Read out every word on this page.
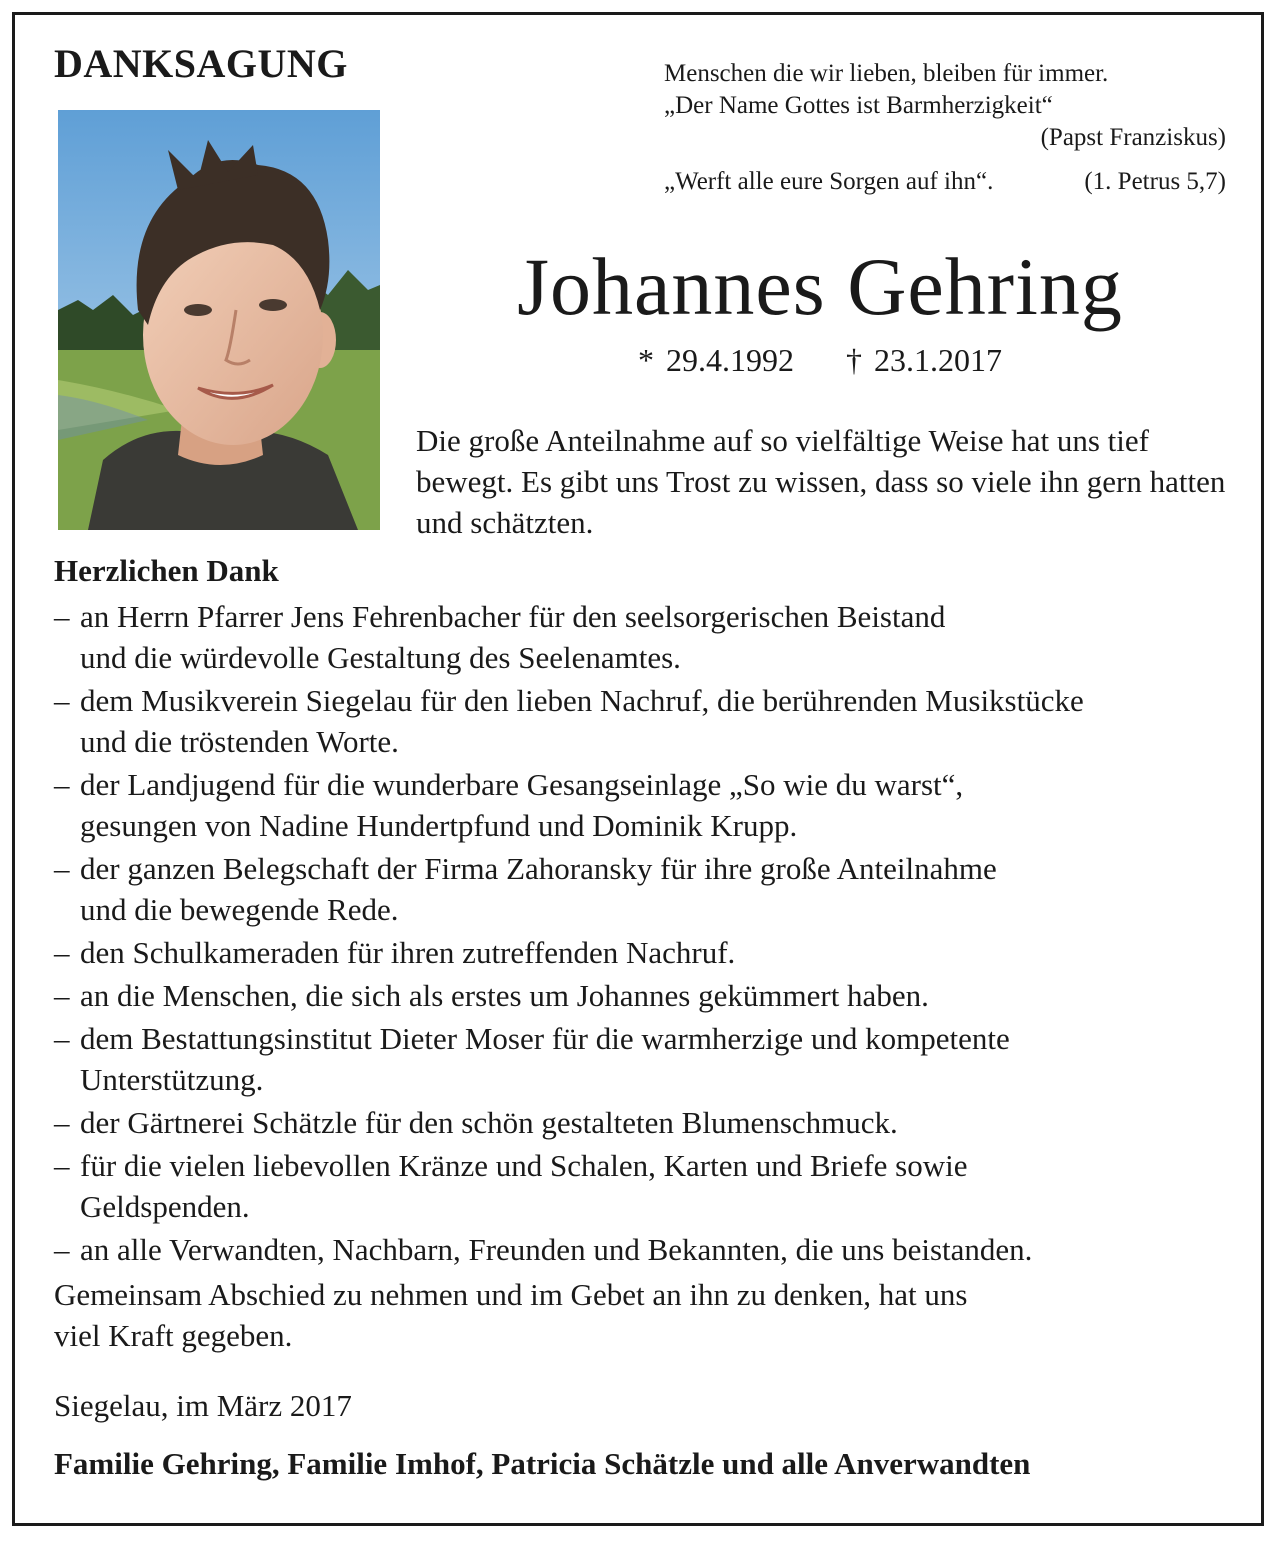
DANKSAGUNG	Menschen die wir lieben, bleiben für immer.
„Der Name Gottes ist Barmherzigkeit“
(Papst Franziskus)
„Werft alle eure Sorgen auf ihn“.	(1. Petrus 5,7)
Johannes Gehring
* 29.4.1992 † 23.1.2017
Die große Anteilnahme auf so vielfältige Weise hat uns tief bewegt. Es gibt uns Trost zu wissen, dass so viele ihn gern hatten und schätzten.
Herzlichen Dank
– an Herrn Pfarrer Jens Fehrenbacher für den seelsorgerischen Beistand
und die würdevolle Gestaltung des Seelenamtes.
– dem Musikverein Siegelau für den lieben Nachruf, die berührenden Musikstücke
und die tröstenden Worte.
– der Landjugend für die wunderbare Gesangseinlage „So wie du warst“,
gesungen von Nadine Hundertpfund und Dominik Krupp.
– der ganzen Belegschaft der Firma Zahoransky für ihre große Anteilnahme
und die bewegende Rede.
– den Schulkameraden für ihren zutreffenden Nachruf.
– an die Menschen, die sich als erstes um Johannes gekümmert haben.
– dem Bestattungsinstitut Dieter Moser für die warmherzige und kompetente
Unterstützung.
– der Gärtnerei Schätzle für den schön gestalteten Blumenschmuck.
– für die vielen liebevollen Kränze und Schalen, Karten und Briefe sowie
Geldspenden.
– an alle Verwandten, Nachbarn, Freunden und Bekannten, die uns beistanden.
Gemeinsam Abschied zu nehmen und im Gebet an ihn zu denken, hat uns
viel Kraft gegeben.
Siegelau, im März 2017
Familie Gehring, Familie Imhof, Patricia Schätzle und alle Anverwandten
